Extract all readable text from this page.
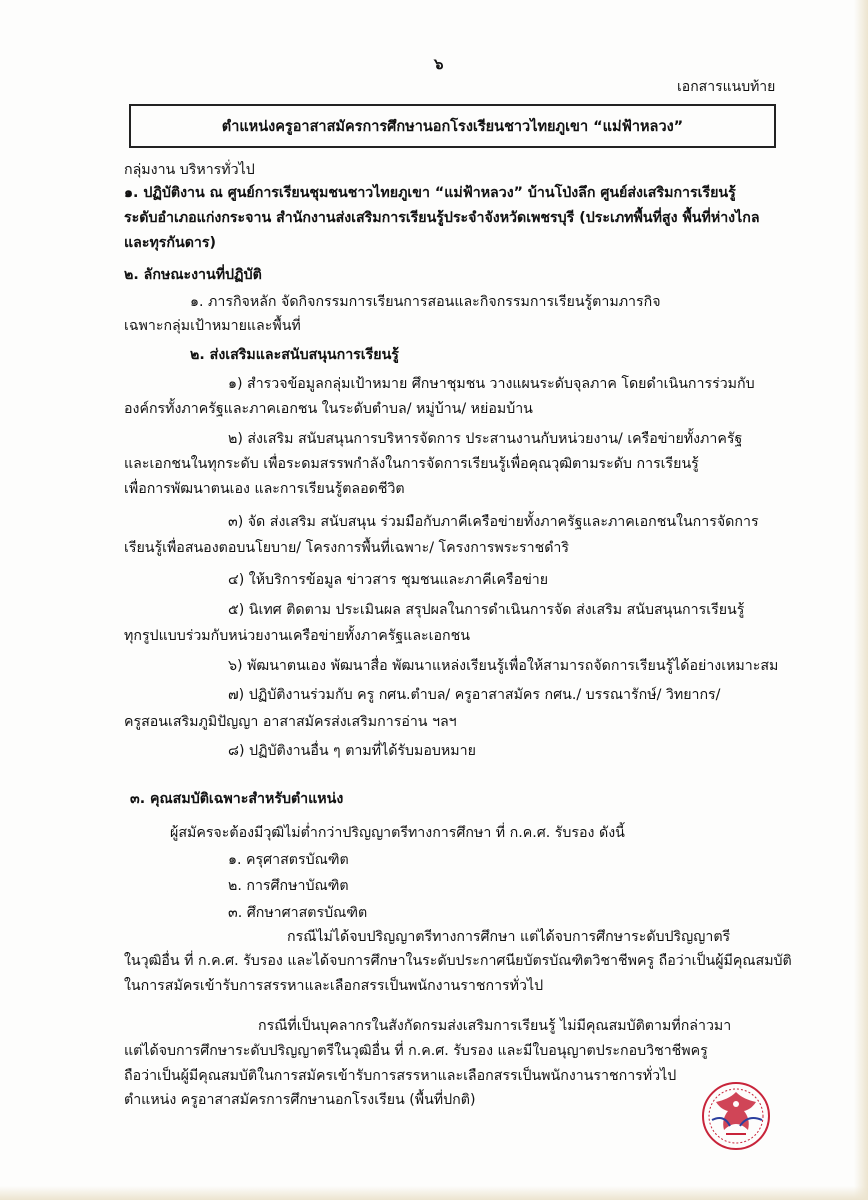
๖
เอกสารแนบท้าย
ตำแหน่งครูอาสาสมัครการศึกษานอกโรงเรียนชาวไทยภูเขา “แม่ฟ้าหลวง”
กลุ่มงาน บริหารทั่วไป
๑. ปฏิบัติงาน ณ ศูนย์การเรียนชุมชนชาวไทยภูเขา “แม่ฟ้าหลวง” บ้านโป่งลึก ศูนย์ส่งเสริมการเรียนรู้
ระดับอำเภอแก่งกระจาน สำนักงานส่งเสริมการเรียนรู้ประจำจังหวัดเพชรบุรี (ประเภทพื้นที่สูง พื้นที่ห่างไกล
และทุรกันดาร)
๒. ลักษณะงานที่ปฏิบัติ
๑. ภารกิจหลัก จัดกิจกรรมการเรียนการสอนและกิจกรรมการเรียนรู้ตามภารกิจ
เฉพาะกลุ่มเป้าหมายและพื้นที่
๒. ส่งเสริมและสนับสนุนการเรียนรู้
๑) สำรวจข้อมูลกลุ่มเป้าหมาย ศึกษาชุมชน วางแผนระดับจุลภาค โดยดำเนินการร่วมกับ
องค์กรทั้งภาครัฐและภาคเอกชน ในระดับตำบล/ หมู่บ้าน/ หย่อมบ้าน
๒) ส่งเสริม สนับสนุนการบริหารจัดการ ประสานงานกับหน่วยงาน/ เครือข่ายทั้งภาครัฐ
และเอกชนในทุกระดับ เพื่อระดมสรรพกำลังในการจัดการเรียนรู้เพื่อคุณวุฒิตามระดับ การเรียนรู้
เพื่อการพัฒนาตนเอง และการเรียนรู้ตลอดชีวิต
๓) จัด ส่งเสริม สนับสนุน ร่วมมือกับภาคีเครือข่ายทั้งภาครัฐและภาคเอกชนในการจัดการ
เรียนรู้เพื่อสนองตอบนโยบาย/ โครงการพื้นที่เฉพาะ/ โครงการพระราชดำริ
๔) ให้บริการข้อมูล ข่าวสาร ชุมชนและภาคีเครือข่าย
๕) นิเทศ ติดตาม ประเมินผล สรุปผลในการดำเนินการจัด ส่งเสริม สนับสนุนการเรียนรู้
ทุกรูปแบบร่วมกับหน่วยงานเครือข่ายทั้งภาครัฐและเอกชน
๖) พัฒนาตนเอง พัฒนาสื่อ พัฒนาแหล่งเรียนรู้เพื่อให้สามารถจัดการเรียนรู้ได้อย่างเหมาะสม
๗) ปฏิบัติงานร่วมกับ ครู กศน.ตำบล/ ครูอาสาสมัคร กศน./ บรรณารักษ์/ วิทยากร/
ครูสอนเสริมภูมิปัญญา อาสาสมัครส่งเสริมการอ่าน ฯลฯ
๘) ปฏิบัติงานอื่น ๆ ตามที่ได้รับมอบหมาย
๓. คุณสมบัติเฉพาะสำหรับตำแหน่ง
ผู้สมัครจะต้องมีวุฒิไม่ต่ำกว่าปริญญาตรีทางการศึกษา ที่ ก.ค.ศ. รับรอง ดังนี้
๑. ครุศาสตรบัณฑิต
๒. การศึกษาบัณฑิต
๓. ศึกษาศาสตรบัณฑิต
กรณีไม่ได้จบปริญญาตรีทางการศึกษา แต่ได้จบการศึกษาระดับปริญญาตรี
ในวุฒิอื่น ที่ ก.ค.ศ. รับรอง และได้จบการศึกษาในระดับประกาศนียบัตรบัณฑิตวิชาชีพครู ถือว่าเป็นผู้มีคุณสมบัติ
ในการสมัครเข้ารับการสรรหาและเลือกสรรเป็นพนักงานราชการทั่วไป
กรณีที่เป็นบุคลากรในสังกัดกรมส่งเสริมการเรียนรู้ ไม่มีคุณสมบัติตามที่กล่าวมา
แต่ได้จบการศึกษาระดับปริญญาตรีในวุฒิอื่น ที่ ก.ค.ศ. รับรอง และมีใบอนุญาตประกอบวิชาชีพครู
ถือว่าเป็นผู้มีคุณสมบัติในการสมัครเข้ารับการสรรหาและเลือกสรรเป็นพนักงานราชการทั่วไป
ตำแหน่ง ครูอาสาสมัครการศึกษานอกโรงเรียน (พื้นที่ปกติ)
